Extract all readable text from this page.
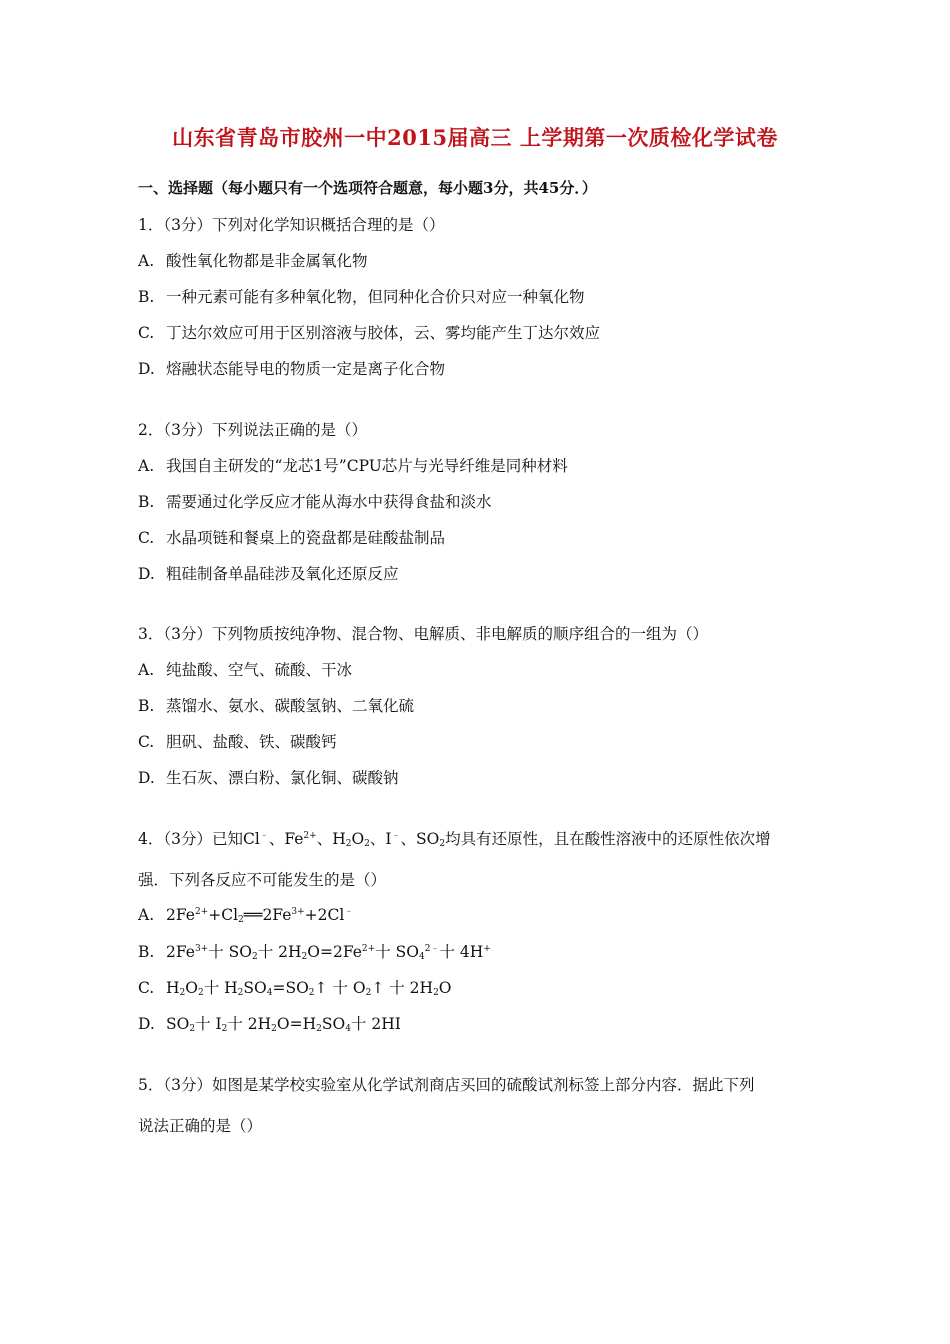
山东省青岛市胶州一中2015届高三 上学期第一次质检化学试卷
一、选择题（每小题只有一个选项符合题意，每小题3分，共45分．）
1．（3分）下列对化学知识概括合理的是（）
A. 酸性氧化物都是非金属氧化物
B. 一种元素可能有多种氧化物，但同种化合价只对应一种氧化物
C. 丁达尔效应可用于区别溶液与胶体，云、雾均能产生丁达尔效应
D. 熔融状态能导电的物质一定是离子化合物
2．（3分）下列说法正确的是（）
A. 我国自主研发的“龙芯1号”CPU芯片与光导纤维是同种材料
B. 需要通过化学反应才能从海水中获得食盐和淡水
C. 水晶项链和餐桌上的瓷盘都是硅酸盐制品
D. 粗硅制备单晶硅涉及氧化还原反应
3．（3分）下列物质按纯净物、混合物、电解质、非电解质的顺序组合的一组为（）
A. 纯盐酸、空气、硫酸、干冰
B. 蒸馏水、氨水、碳酸氢钠、二氧化硫
C. 胆矾、盐酸、铁、碳酸钙
D. 生石灰、漂白粉、氯化铜、碳酸钠
4．（3分）已知Cl﹣、$Fe^{2+}$、$H_2O_2$、I﹣、$SO_2$均具有还原性，且在酸性溶液中的还原性依次增
强．下列各反应不可能发生的是（）
A. $2Fe^{2+}+Cl_2══2Fe^{3+}+2Cl^﹣$
B. $2Fe^{3+}$十 $SO_2$十 $2H_2O=2Fe^{2+}$十 $SO_4^{2﹣}$十 4H+
C. $H_2O_2$十 $H_2SO_4=SO_2↑$ 十 $O_2↑$ 十 $2H_2O$
D. $SO_2$十 $I_2$十 $2H_2O=H_2SO_4$十 2HI
5．（3分）如图是某学校实验室从化学试剂商店买回的硫酸试剂标签上部分内容．据此下列
说法正确的是（）
